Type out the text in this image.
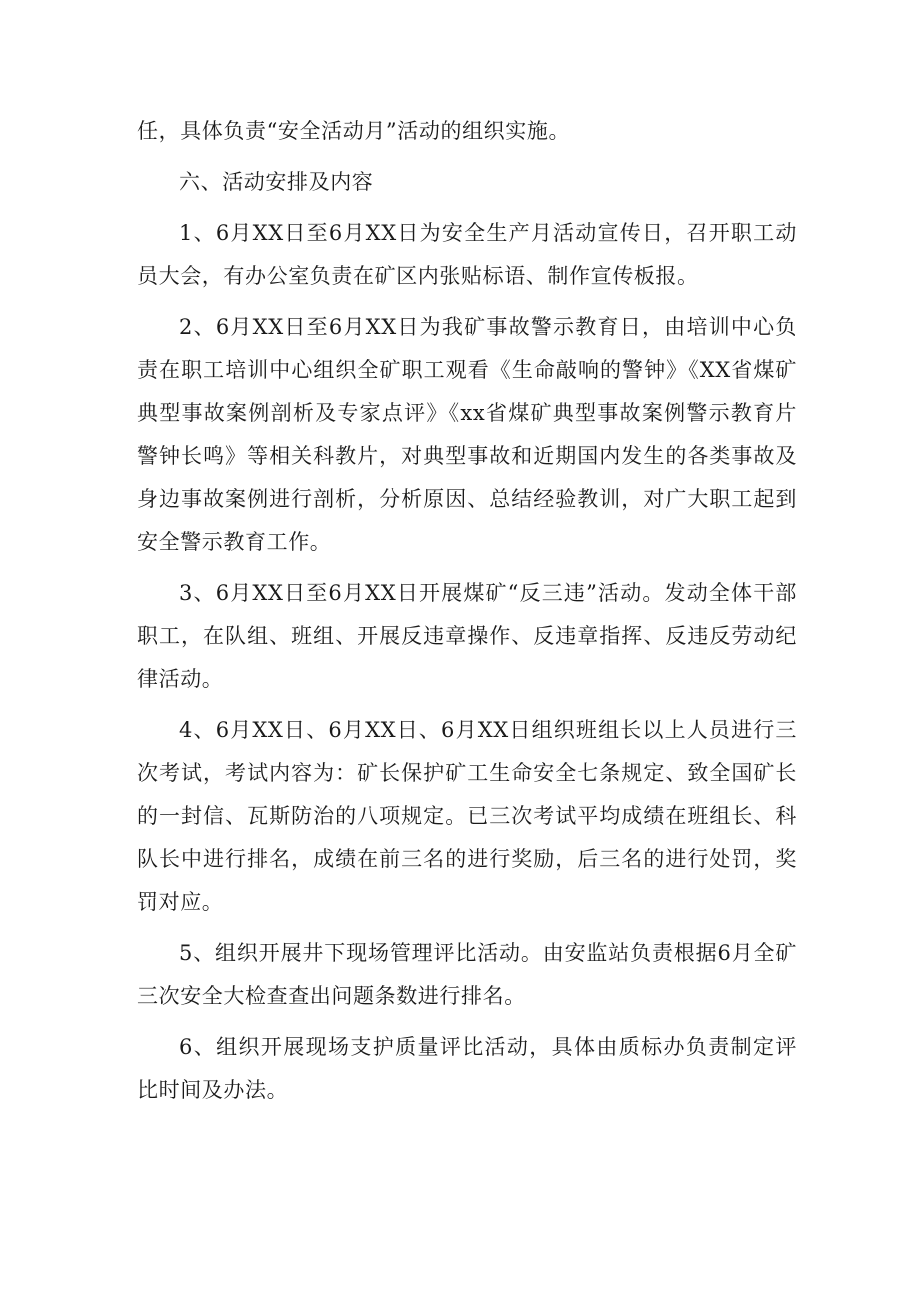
任，具体负责“安全活动月”活动的组织实施。

六、活动安排及内容

1、6月XX日至6月XX日为安全生产月活动宣传日，召开职工动员大会，有办公室负责在矿区内张贴标语、制作宣传板报。

2、6月XX日至6月XX日为我矿事故警示教育日，由培训中心负责在职工培训中心组织全矿职工观看《生命敲响的警钟》《XX省煤矿典型事故案例剖析及专家点评》《xx省煤矿典型事故案例警示教育片警钟长鸣》等相关科教片，对典型事故和近期国内发生的各类事故及身边事故案例进行剖析，分析原因、总结经验教训，对广大职工起到安全警示教育工作。

3、6月XX日至6月XX日开展煤矿“反三违”活动。发动全体干部职工，在队组、班组、开展反违章操作、反违章指挥、反违反劳动纪律活动。

4、6月XX日、6月XX日、6月XX日组织班组长以上人员进行三次考试，考试内容为：矿长保护矿工生命安全七条规定、致全国矿长的一封信、瓦斯防治的八项规定。已三次考试平均成绩在班组长、科队长中进行排名，成绩在前三名的进行奖励，后三名的进行处罚，奖罚对应。

5、组织开展井下现场管理评比活动。由安监站负责根据6月全矿三次安全大检查查出问题条数进行排名。

6、组织开展现场支护质量评比活动，具体由质标办负责制定评比时间及办法。
